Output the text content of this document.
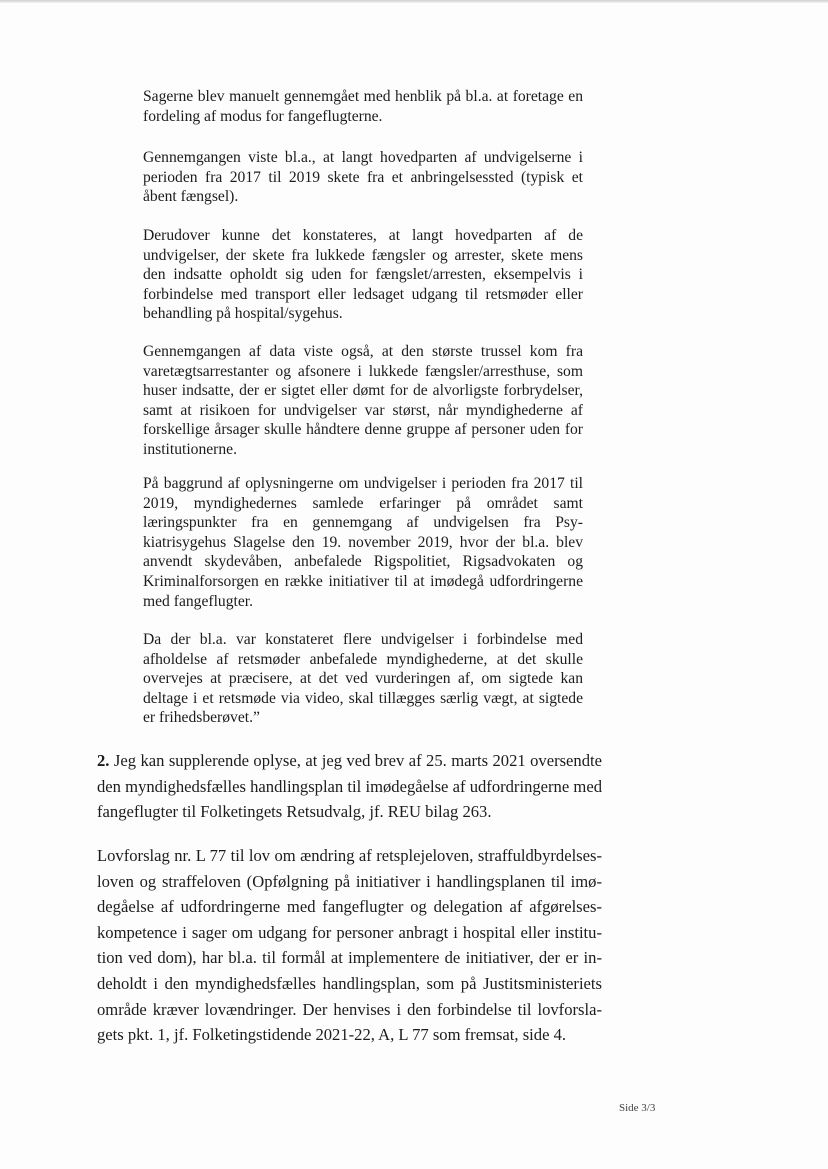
Sagerne blev manuelt gennemgået med henblik på bl.a. at foretage en fordeling af modus for fangeflugterne.

Gennemgangen viste bl.a., at langt hovedparten af undvigelserne i perioden fra 2017 til 2019 skete fra et anbringelsessted (typisk et åbent fængsel).

Derudover kunne det konstateres, at langt hovedparten af de undvigelser, der skete fra lukkede fængsler og arrester, skete mens den indsatte opholdt sig uden for fængslet/arresten, eksempelvis i forbindelse med transport eller ledsaget udgang til retsmøder eller behandling på hospital/sygehus.

Gennemgangen af data viste også, at den største trussel kom fra varetægtsarrestanter og afsonere i lukkede fængsler/arresthuse, som huser indsatte, der er sigtet eller dømt for de alvorligste forbrydelser, samt at risikoen for undvigelser var størst, når myndighederne af forskellige årsager skulle håndtere denne gruppe af personer uden for institutionerne.

På baggrund af oplysningerne om undvigelser i perioden fra 2017 til 2019, myndighedernes samlede erfaringer på området samt læringspunkter fra en gennemgang af undvigelsen fra Psykiatrisygehus Slagelse den 19. november 2019, hvor der bl.a. blev anvendt skydevåben, anbefalede Rigspolitiet, Rigsadvokaten og Kriminalforsorgen en række initiativer til at imødegå udfordringerne med fangeflugter.

Da der bl.a. var konstateret flere undvigelser i forbindelse med afholdelse af retsmøder anbefalede myndighederne, at det skulle overvejes at præcisere, at det ved vurderingen af, om sigtede kan deltage i et retsmøde via video, skal tillægges særlig vægt, at sigtede er frihedsberøvet.”

2. Jeg kan supplerende oplyse, at jeg ved brev af 25. marts 2021 oversendte den myndighedsfælles handlingsplan til imødegåelse af udfordringerne med fangeflugter til Folketingets Retsudvalg, jf. REU bilag 263.

Lovforslag nr. L 77 til lov om ændring af retsplejeloven, straffuldbyrdelsesloven og straffeloven (Opfølgning på initiativer i handlingsplanen til imødegåelse af udfordringerne med fangeflugter og delegation af afgørelseskompetence i sager om udgang for personer anbragt i hospital eller institution ved dom), har bl.a. til formål at implementere de initiativer, der er indeholdt i den myndighedsfælles handlingsplan, som på Justitsministeriets område kræver lovændringer. Der henvises i den forbindelse til lovforslagets pkt. 1, jf. Folketingstidende 2021-22, A, L 77 som fremsat, side 4.

Side 3/3
